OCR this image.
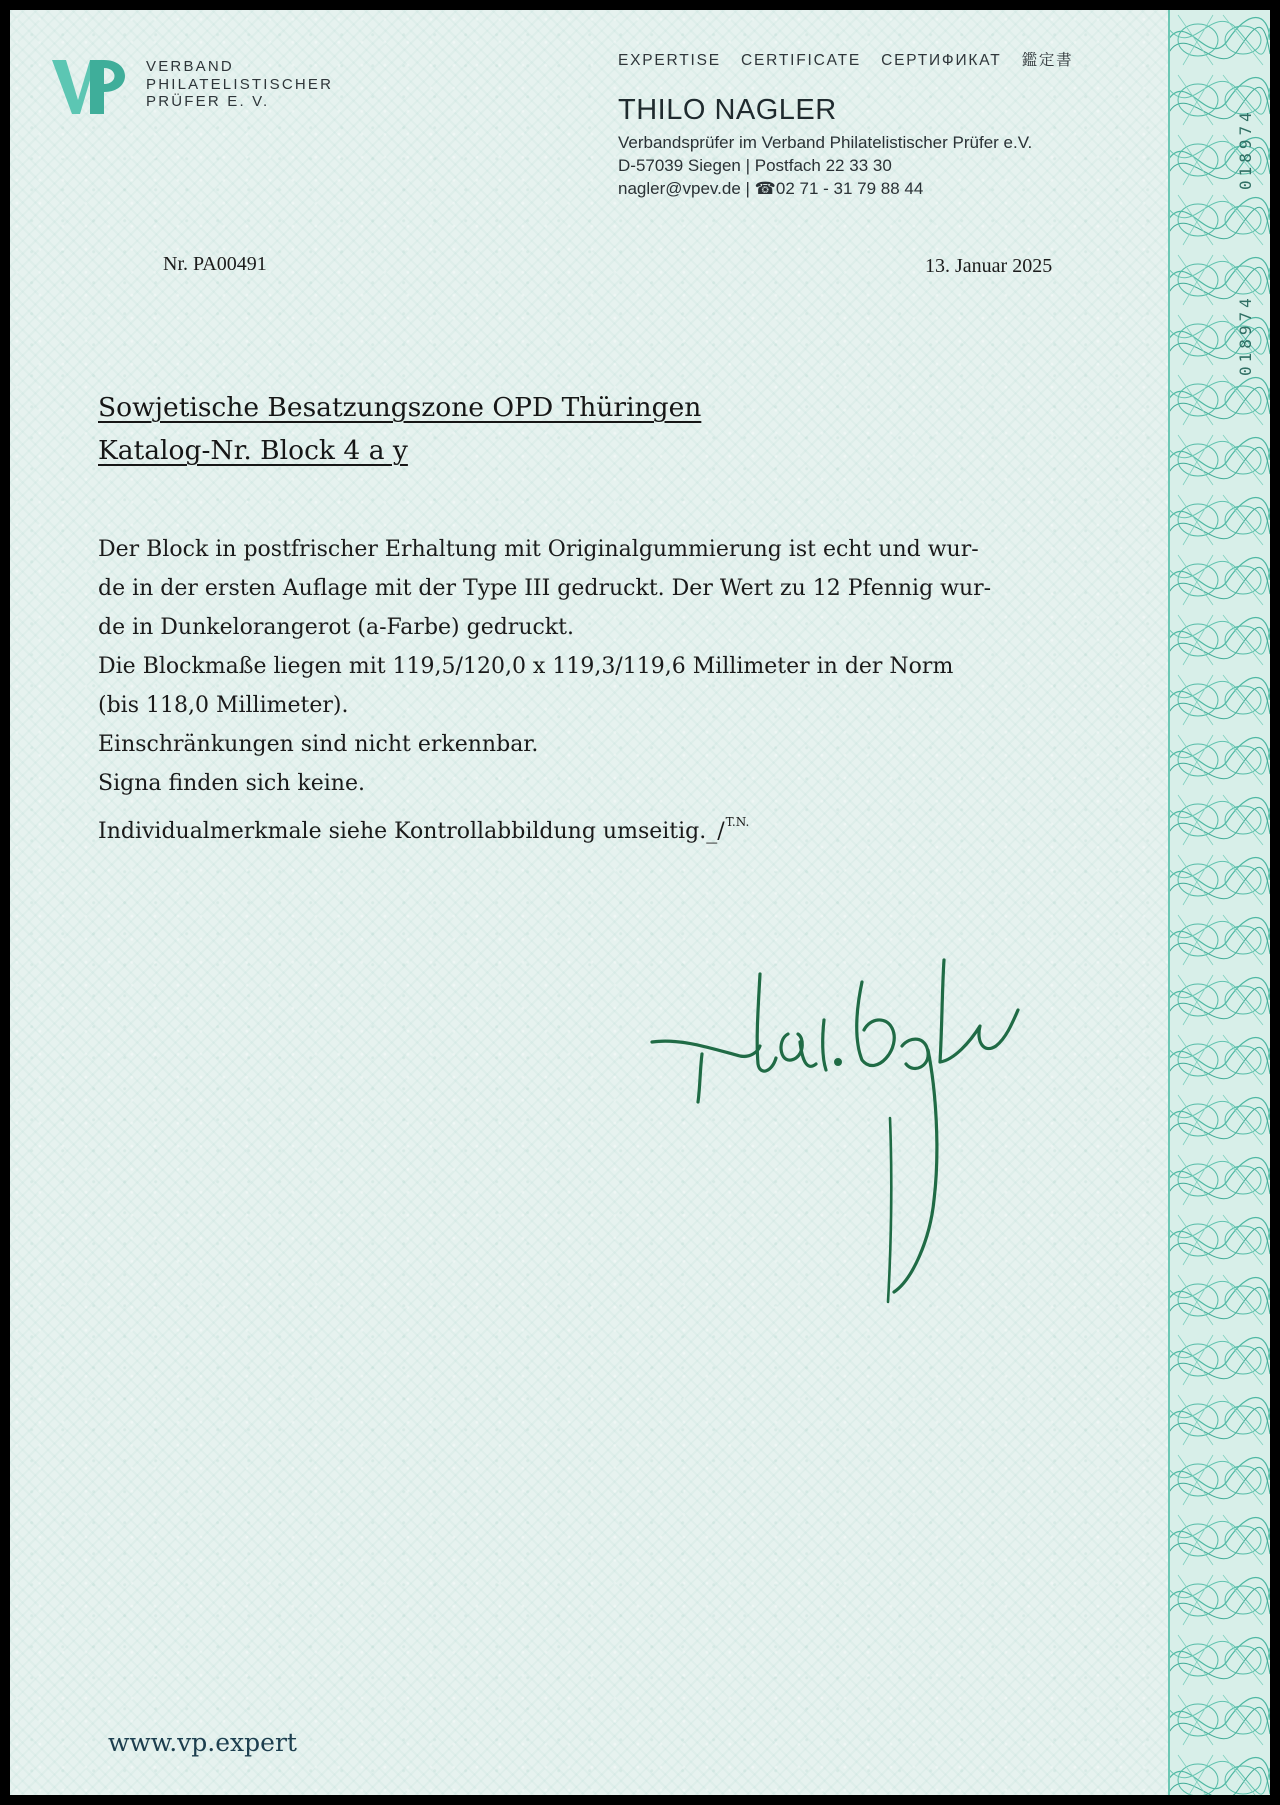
018974
018974
VERBAND
PHILATELISTISCHER
PRÜFER E. V.
EXPERTISE CERTIFICATE СЕРТИФИКАТ 鑑定書
THILO NAGLER
Verbandsprüfer im Verband Philatelistischer Prüfer e.V.
D-57039 Siegen | Postfach 22 33 30
nagler@vpev.de | ☎02 71 - 31 79 88 44
Nr. PA00491	13. Januar 2025
Sowjetische Besatzungszone OPD Thüringen
Katalog-Nr. Block 4 a y
Der Block in postfrischer Erhaltung mit Originalgummierung ist echt und wur-
de in der ersten Auflage mit der Type III gedruckt. Der Wert zu 12 Pfennig wur-
de in Dunkelorangerot (a-Farbe) gedruckt.
Die Blockmaße liegen mit 119,5/120,0 x 119,3/119,6 Millimeter in der Norm
(bis 118,0 Millimeter).
Einschränkungen sind nicht erkennbar.
Signa finden sich keine.
Individualmerkmale siehe Kontrollabbildung umseitig._/$^{T.N.}$
www.vp.expert
